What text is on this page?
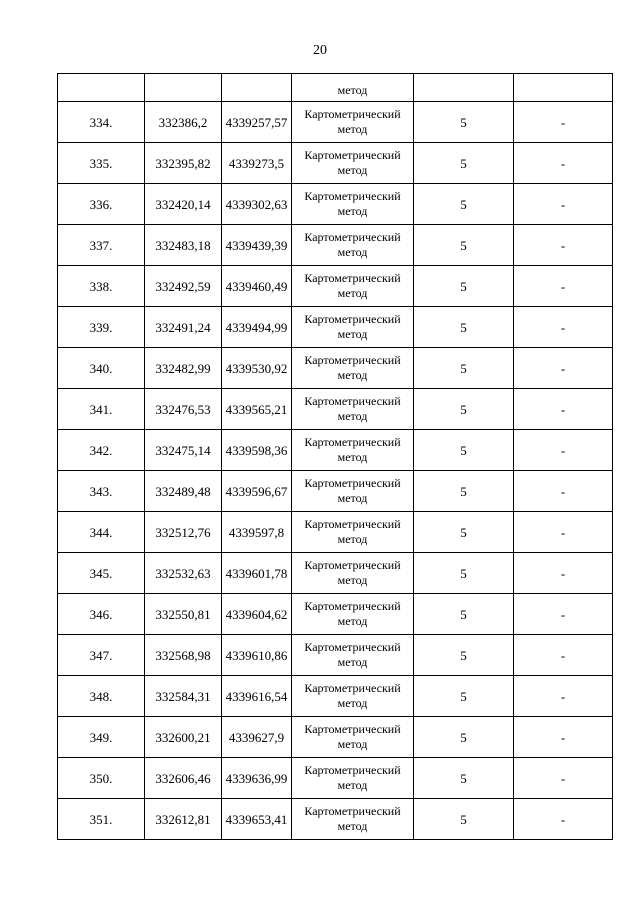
20
			метод		
334.	332386,2	4339257,57	Картометрический
метод	5	-
335.	332395,82	4339273,5	Картометрический
метод	5	-
336.	332420,14	4339302,63	Картометрический
метод	5	-
337.	332483,18	4339439,39	Картометрический
метод	5	-
338.	332492,59	4339460,49	Картометрический
метод	5	-
339.	332491,24	4339494,99	Картометрический
метод	5	-
340.	332482,99	4339530,92	Картометрический
метод	5	-
341.	332476,53	4339565,21	Картометрический
метод	5	-
342.	332475,14	4339598,36	Картометрический
метод	5	-
343.	332489,48	4339596,67	Картометрический
метод	5	-
344.	332512,76	4339597,8	Картометрический
метод	5	-
345.	332532,63	4339601,78	Картометрический
метод	5	-
346.	332550,81	4339604,62	Картометрический
метод	5	-
347.	332568,98	4339610,86	Картометрический
метод	5	-
348.	332584,31	4339616,54	Картометрический
метод	5	-
349.	332600,21	4339627,9	Картометрический
метод	5	-
350.	332606,46	4339636,99	Картометрический
метод	5	-
351.	332612,81	4339653,41	Картометрический
метод	5	-
